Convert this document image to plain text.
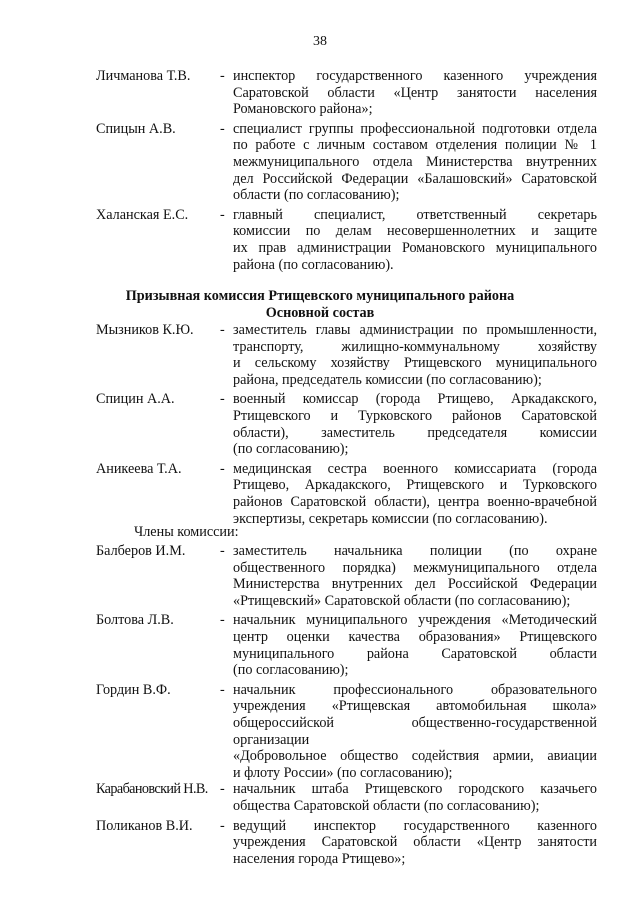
38
Личманова Т.В. - инспектор государственного казенного учреждения
Саратовской области «Центр занятости населения
Романовского района»;
Спицын А.В.	- специалист группы профессиональной подготовки отдела
по работе с личным составом отделения полиции № 1
межмуниципального отдела Министерства внутренних
дел Российской Федерации «Балашовский» Саратовской
области (по согласованию);
Халанская Е.С. - главный специалист, ответственный секретарь
комиссии по делам несовершеннолетних и защите
их прав администрации Романовского муниципального
района (по согласованию).
Призывная комиссия Ртищевского муниципального района
Основной состав
Мызников К.Ю. - заместитель главы администрации по промышленности,
транспорту, жилищно-коммунальному хозяйству
и сельскому хозяйству Ртищевского муниципального
района, председатель комиссии (по согласованию);
Спицин А.А.	- военный комиссар (города Ртищево, Аркадакского,
Ртищевского и Турковского районов Саратовской
области), заместитель председателя комиссии
(по согласованию);
Аникеева Т.А.	- медицинская сестра военного комиссариата (города
Ртищево, Аркадакского, Ртищевского и Турковского
районов Саратовской области), центра военно-врачебной
экспертизы, секретарь комиссии (по согласованию).
Члены комиссии:
Балберов И.М. - заместитель начальника полиции (по охране
общественного порядка) межмуниципального отдела
Министерства внутренних дел Российской Федерации
«Ртищевский» Саратовской области (по согласованию);
Болтова Л.В.	- начальник муниципального учреждения «Методический
центр оценки качества образования» Ртищевского
муниципального района Саратовской области
(по согласованию);
Гордин В.Ф.	- начальник профессионального образовательного
учреждения «Ртищевская автомобильная школа»
общероссийской общественно-государственной организации
«Добровольное общество содействия армии, авиации
и флоту России» (по согласованию);
Карабановский Н.В. - начальник штаба Ртищевского городского казачьего
общества Саратовской области (по согласованию);
Поликанов В.И. - ведущий инспектор государственного казенного
учреждения Саратовской области «Центр занятости
населения города Ртищево»;
